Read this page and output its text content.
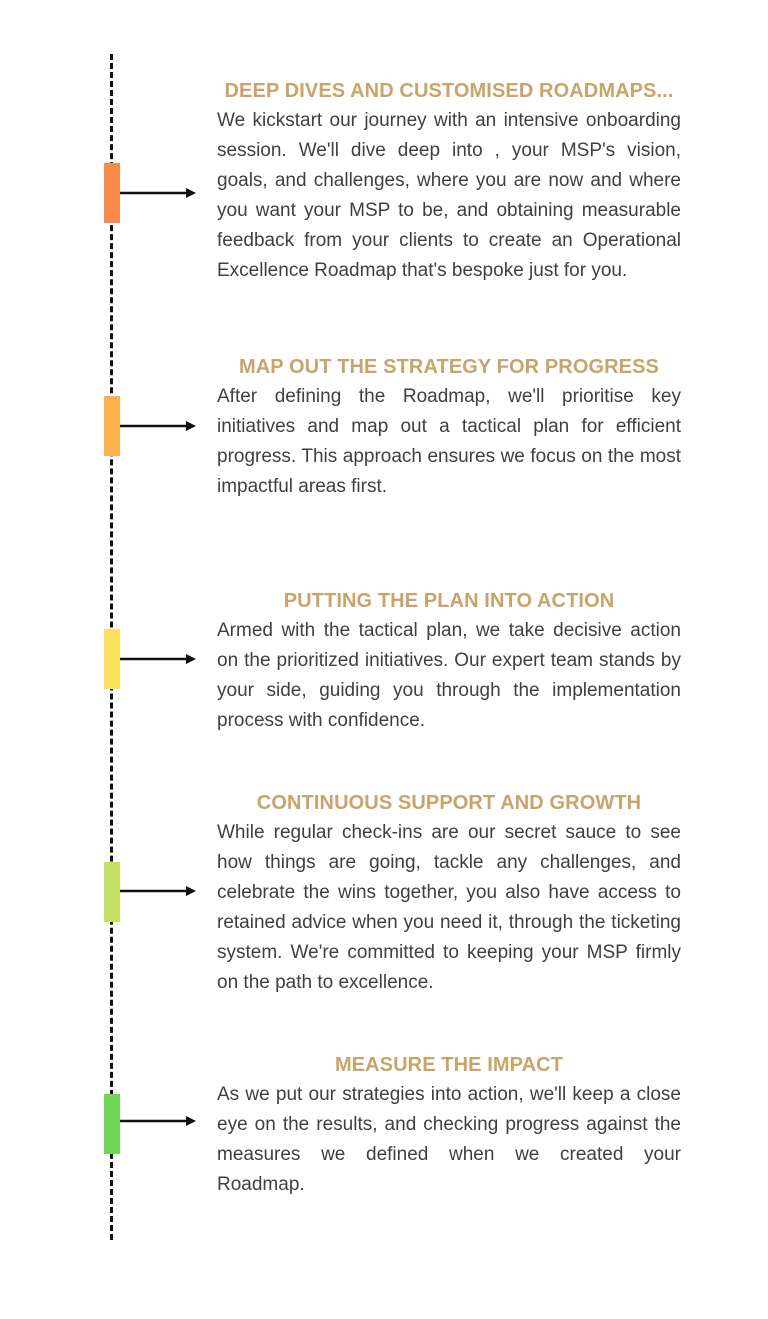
DEEP DIVES AND CUSTOMISED ROADMAPS...

We kickstart our journey with an intensive onboarding session. We'll dive deep into , your MSP's vision, goals, and challenges, where you are now and where you want your MSP to be, and obtaining measurable feedback from your clients to create an Operational Excellence Roadmap that's bespoke just for you.

MAP OUT THE STRATEGY FOR PROGRESS

After defining the Roadmap, we'll prioritise key initiatives and map out a tactical plan for efficient progress. This approach ensures we focus on the most impactful areas first.

PUTTING THE PLAN INTO ACTION

Armed with the tactical plan, we take decisive action on the prioritized initiatives. Our expert team stands by your side, guiding you through the implementation process with confidence.

CONTINUOUS SUPPORT AND GROWTH

While regular check-ins are our secret sauce to see how things are going, tackle any challenges, and celebrate the wins together, you also have access to retained advice when you need it, through the ticketing system. We're committed to keeping your MSP firmly on the path to excellence.

MEASURE THE IMPACT

As we put our strategies into action, we'll keep a close eye on the results, and checking progress against the measures we defined when we created your Roadmap.
